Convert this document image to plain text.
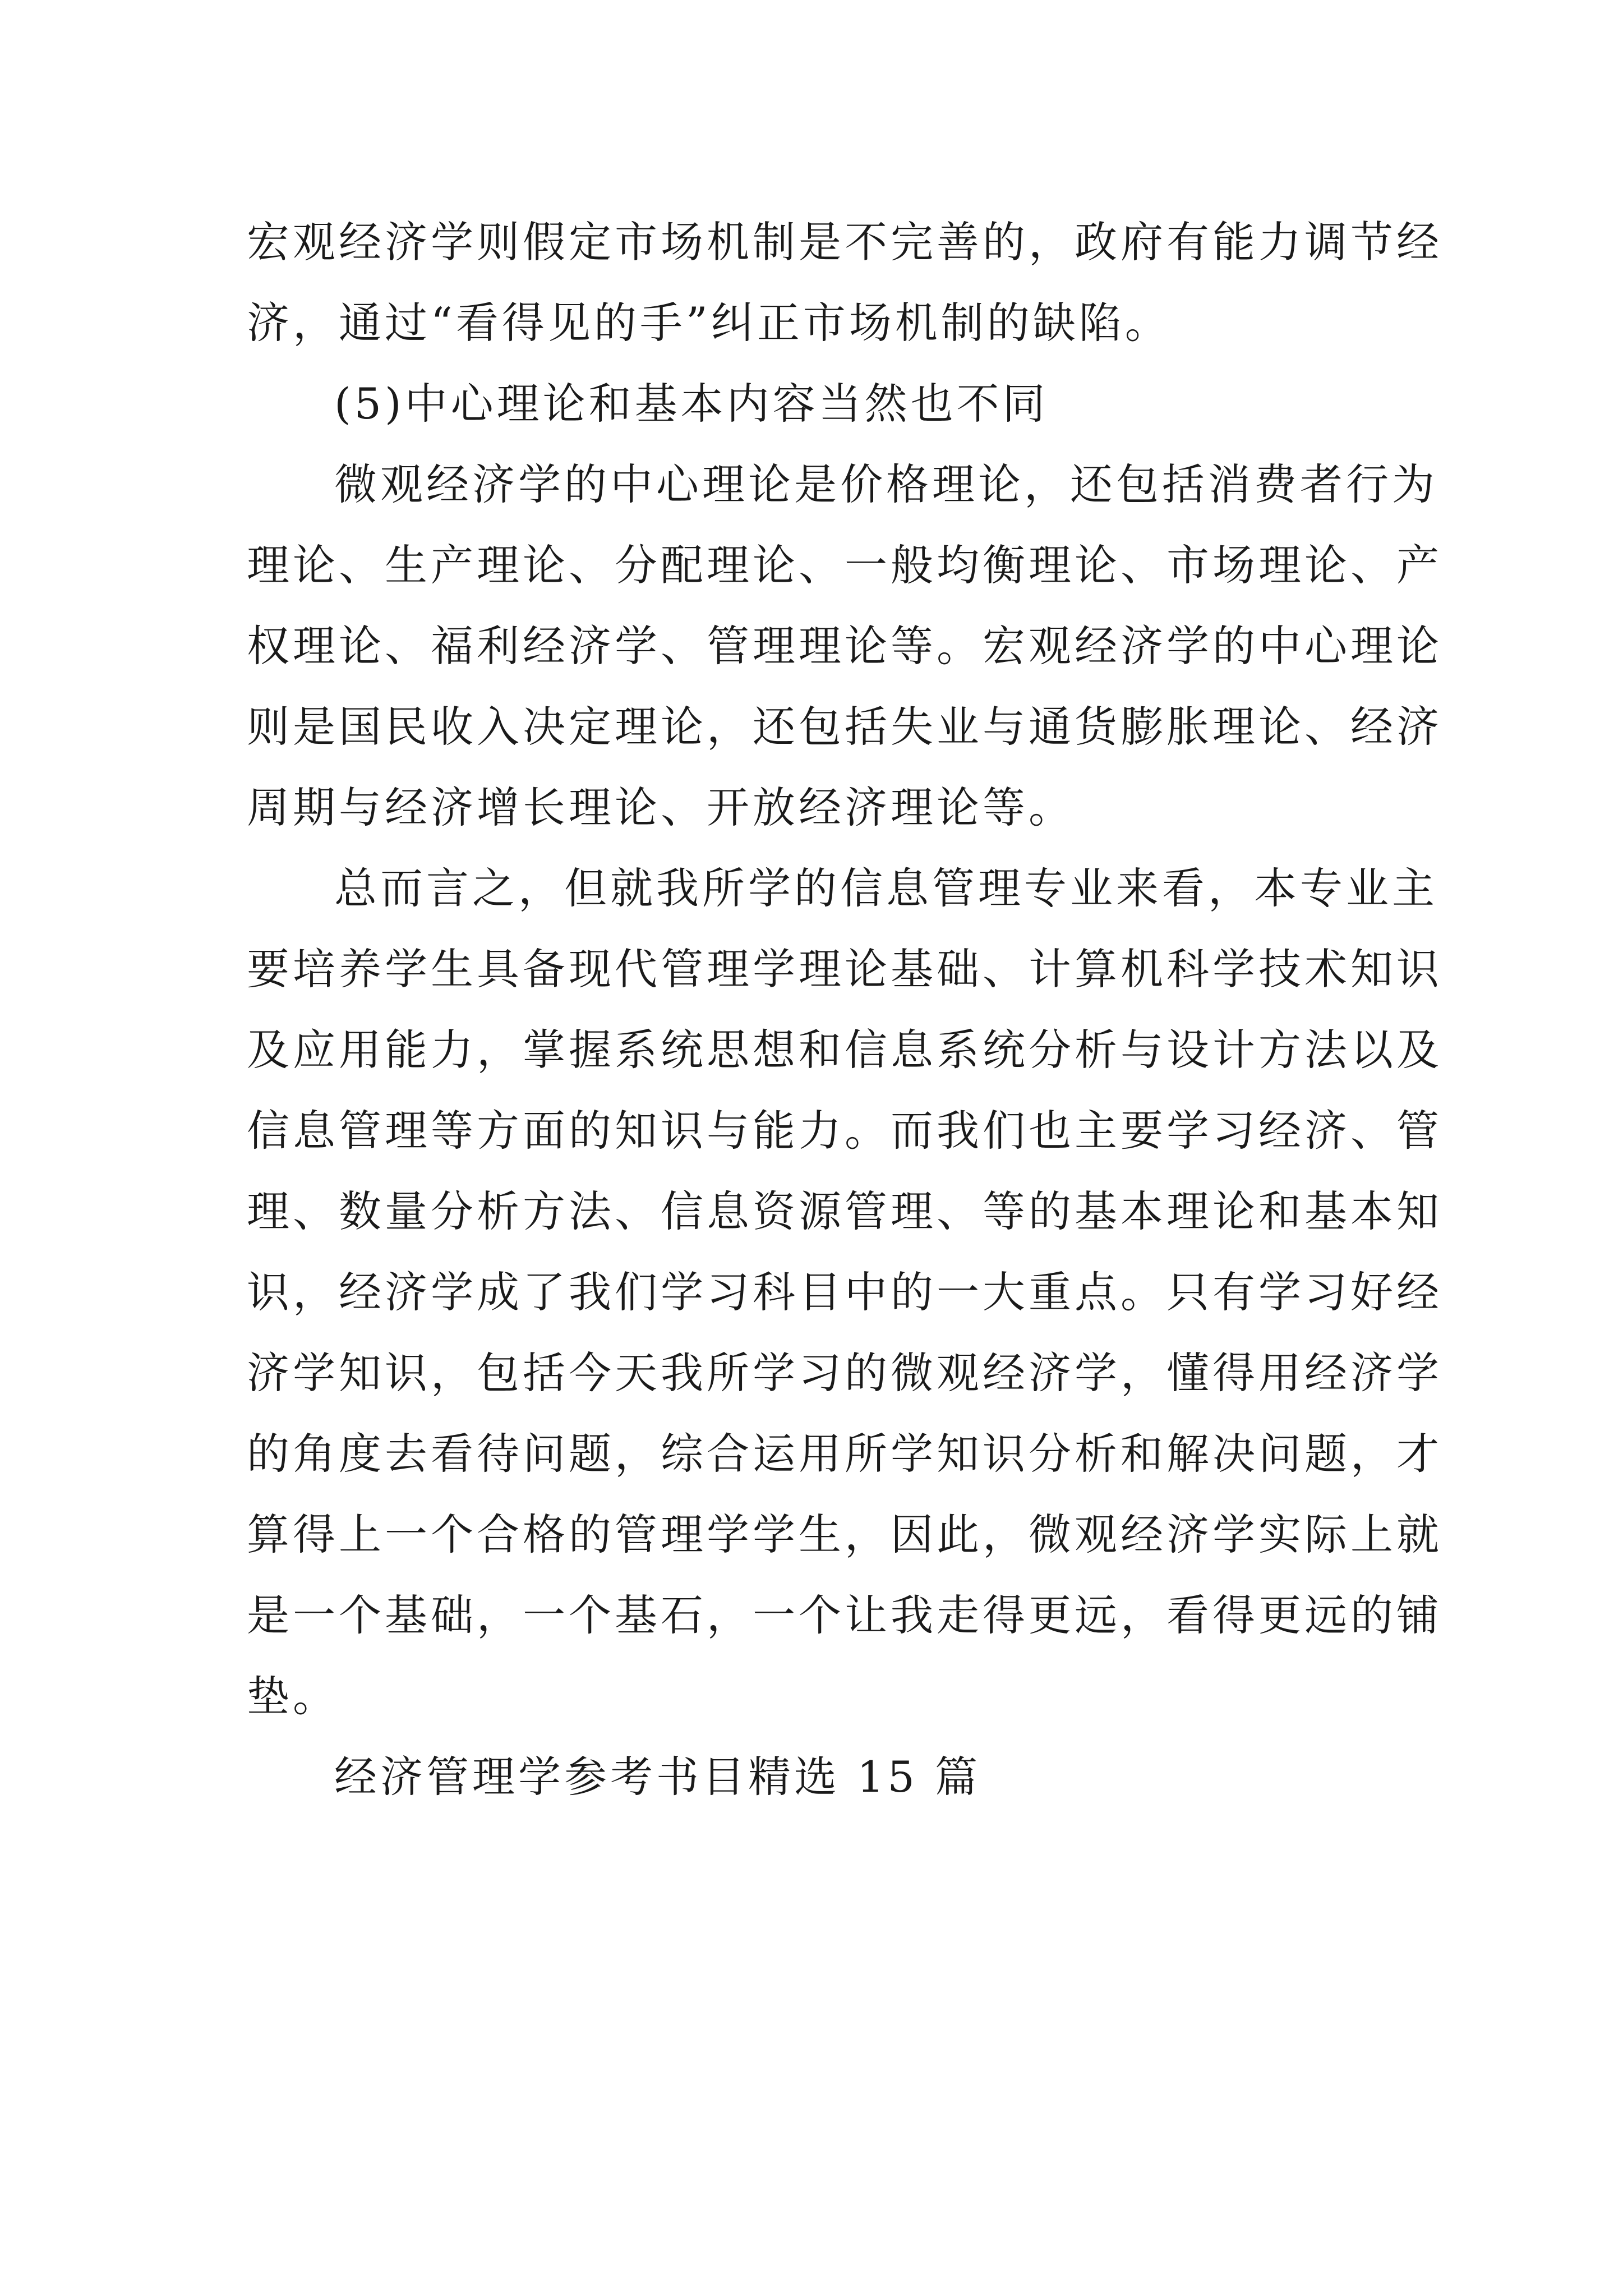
宏观经济学则假定市场机制是不完善的，政府有能力调节经
济，通过“看得见的手”纠正市场机制的缺陷。

(5)中心理论和基本内容当然也不同

微观经济学的中心理论是价格理论，还包括消费者行为
理论、生产理论、分配理论、一般均衡理论、市场理论、产
权理论、福利经济学、管理理论等。宏观经济学的中心理论
则是国民收入决定理论，还包括失业与通货膨胀理论、经济
周期与经济增长理论、开放经济理论等。

总而言之，但就我所学的信息管理专业来看，本专业主
要培养学生具备现代管理学理论基础、计算机科学技术知识
及应用能力，掌握系统思想和信息系统分析与设计方法以及
信息管理等方面的知识与能力。而我们也主要学习经济、管
理、数量分析方法、信息资源管理、等的基本理论和基本知
识，经济学成了我们学习科目中的一大重点。只有学习好经
济学知识，包括今天我所学习的微观经济学，懂得用经济学
的角度去看待问题，综合运用所学知识分析和解决问题，才
算得上一个合格的管理学学生，因此，微观经济学实际上就
是一个基础，一个基石，一个让我走得更远，看得更远的铺
垫。

经济管理学参考书目精选 15 篇
